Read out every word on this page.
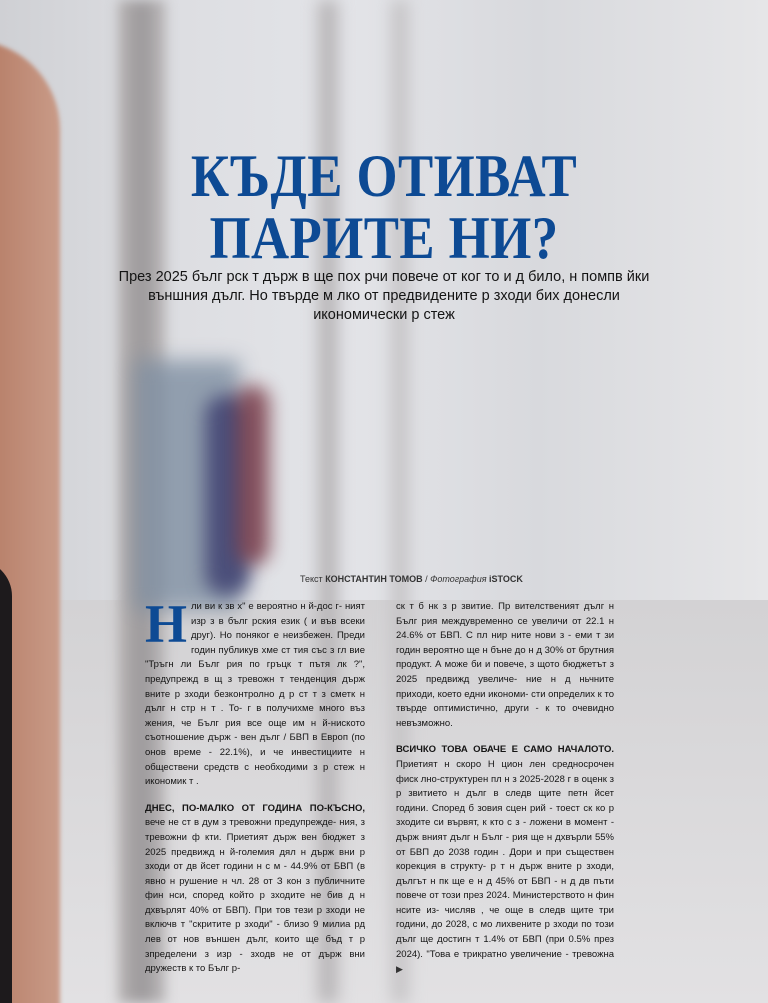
КЪДЕ ОТИВАТ
ПАРИТЕ НИ?
През 2025 бълг рск т държ в ще пох рчи повече от ког то и д било, н помпв йки външния дълг. Но твърде м лко от предвидените р зходи бих донесли икономически р стеж
Текст КОНСТАНТИН ТОМОВ / Фотография iSTOCK

Н ли ви к зв х" е вероятно н й-дос г- ният изр з в бълг рския език ( и във всеки друг). Но поняког е неизбежен. Преди годин публикув хме ст тия със з гл вие "Тръгн ли Бълг рия по гръцк т пътя лк ?", предупрежд в щ з тревожн т тенденция държ вните р зходи безконтролно д р ст т з сметк н дълг н стр н т . То- г в получихме много въз жения, че Бълг рия все още им н й-ниското съотношение държ - вен дълг / БВП в Европ (по онов време - 22.1%), и че инвестициите н обществени средств с необходими з р стеж н икономик т .

ДНЕС, ПО-МАЛКО ОТ ГОДИНА ПО-КЪСНО, вече не ст в дум з тревожни предупрежде- ния, з тревожни ф кти. Приетият държ вен бюджет з 2025 предвижд н й-големия дял н държ вни р зходи от дв йсет години н с м - 44.9% от БВП (в явно н рушение н чл. 28 от З кон з публичните фин нси, според който р зходите не бив д н дхвърлят 40% от БВП). При тов тези р зходи не включв т "скритите р зходи" - близо 9 милиа рд лев от нов външен дълг, които ще бъд т р зпределени з изр - зходв не от държ вни дружеств к то Бълг р-

ск т б нк з р звитие. Пр вителственият дълг н Бълг рия междувременно се увеличи от 22.1 н 24.6% от БВП. С пл нир ните нови з - еми т зи годин вероятно ще н бъне до н д 30% от брутния продукт. А може би и повече, з щото бюджетът з 2025 предвижд увеличе- ние н д ньчните приходи, което едни икономи- сти определих к то твърде оптимистично, други - к то очевидно невъзможно.

ВСИЧКО ТОВА ОБАЧЕ Е САМО НАЧАЛОТО. Приетият н скоро Н цион лен средносрочен фиск лно-структурен пл н з 2025-2028 г в оценк з р звитието н дълг в следв щите петн йсет години. Според б зовия сцен рий - тоест ск ко р зходите си вървят, к кто с з - ложени в момент - държ вният дълг н Бълг - рия ще н дхвърли 55% от БВП до 2038 годин . Дори и при съществен корекция в структу- р т н държ вните р зходи, дългът н пк ще е н д 45% от БВП - н д дв пъти повече от този през 2024. Министерството н фин нсите из- числяв , че още в следв щите три години, до 2028, с мо лихвените р зходи по този дълг ще достигн т 1.4% от БВП (при 0.5% през 2024). "Това е трикратно увеличение - тревожна ▶
